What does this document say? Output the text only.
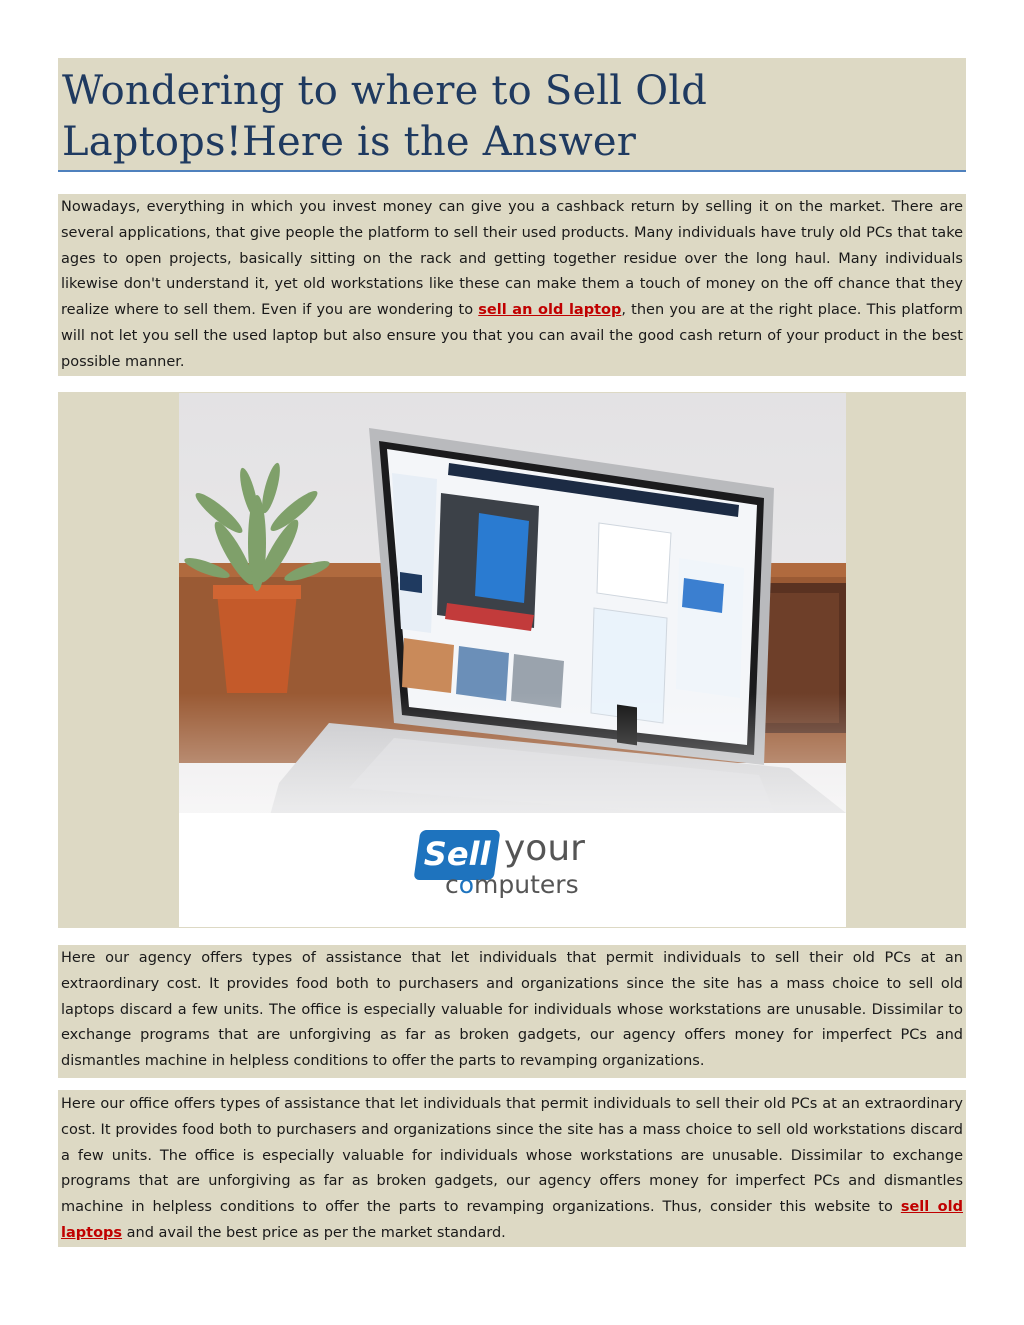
Wondering to where to Sell Old Laptops!Here is the Answer
Nowadays, everything in which you invest money can give you a cashback return by selling it on the market. There are several applications, that give people the platform to sell their used products. Many individuals have truly old PCs that take ages to open projects, basically sitting on the rack and getting together residue over the long haul. Many individuals likewise don't understand it, yet old workstations like these can make them a touch of money on the off chance that they realize where to sell them. Even if you are wondering to sell an old laptop, then you are at the right place. This platform will not let you sell the used laptop but also ensure you that you can avail the good cash return of your product in the best possible manner.
Sell your
computers
Here our agency offers types of assistance that let individuals that permit individuals to sell their old PCs at an extraordinary cost. It provides food both to purchasers and organizations since the site has a mass choice to sell old laptops discard a few units. The office is especially valuable for individuals whose workstations are unusable. Dissimilar to exchange programs that are unforgiving as far as broken gadgets, our agency offers money for imperfect PCs and dismantles machine in helpless conditions to offer the parts to revamping organizations.
Here our office offers types of assistance that let individuals that permit individuals to sell their old PCs at an extraordinary cost. It provides food both to purchasers and organizations since the site has a mass choice to sell old workstations discard a few units. The office is especially valuable for individuals whose workstations are unusable. Dissimilar to exchange programs that are unforgiving as far as broken gadgets, our agency offers money for imperfect PCs and dismantles machine in helpless conditions to offer the parts to revamping organizations. Thus, consider this website to sell old laptops and avail the best price as per the market standard.
